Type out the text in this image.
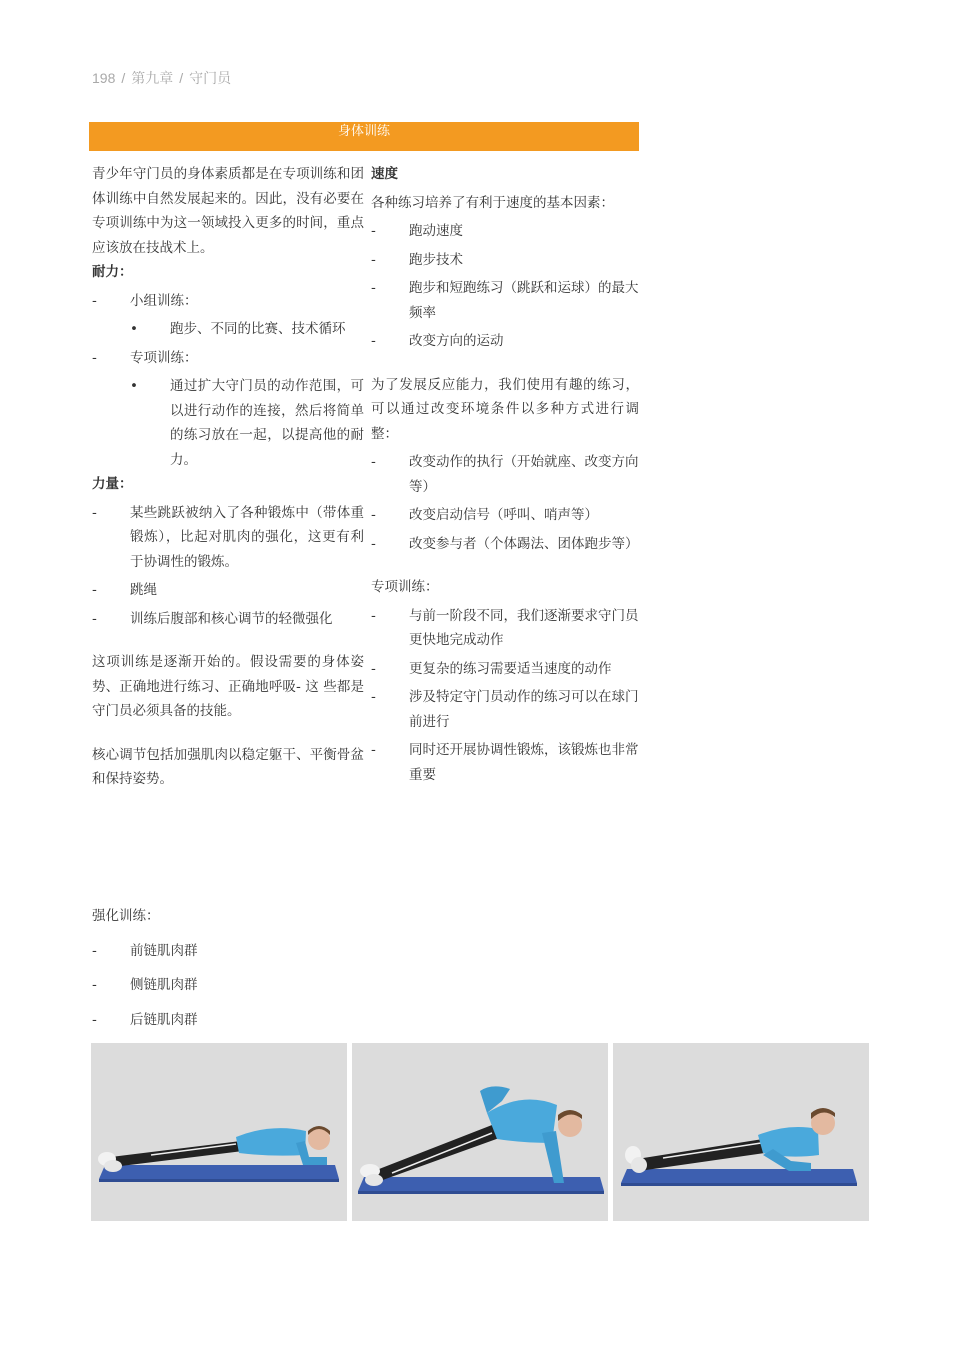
198 / 第九章 / 守门员
身体训练

青少年守门员的身体素质都是在专项训练和团体训练中自然发展起来的。因此，没有必要在专项训练中为这一领域投入更多的时间，重点应该放在技战术上。

耐力：

- 小组训练：
• 跑步、不同的比赛、技术循环
- 专项训练：
• 通过扩大守门员的动作范围，可以进行动作的连接，然后将简单的练习放在一起，以提高他的耐力。

力量：

- 某些跳跃被纳入了各种锻炼中（带体重锻炼），比起对肌肉的强化，这更有利于协调性的锻炼。
- 跳绳
- 训练后腹部和核心调节的轻微强化

这项训练是逐渐开始的。假设需要的身体姿势、正确地进行练习、正确地呼吸- 这 些都是守门员必须具备的技能。

核心调节包括加强肌肉以稳定躯干、平衡骨盆和保持姿势。

速度

各种练习培养了有利于速度的基本因素：

- 跑动速度
- 跑步技术
- 跑步和短跑练习（跳跃和运球）的最大频率
- 改变方向的运动

为了发展反应能力，我们使用有趣的练习，可以通过改变环境条件以多种方式进行调整：

- 改变动作的执行（开始就座、改变方向等）
- 改变启动信号（呼叫、哨声等）
- 改变参与者（个体踢法、团体跑步等）

专项训练：

- 与前一阶段不同，我们逐渐要求守门员更快地完成动作
- 更复杂的练习需要适当速度的动作
- 涉及特定守门员动作的练习可以在球门前进行
- 同时还开展协调性锻炼，该锻炼也非常重要

强化训练：

- 前链肌肉群
- 侧链肌肉群
- 后链肌肉群
